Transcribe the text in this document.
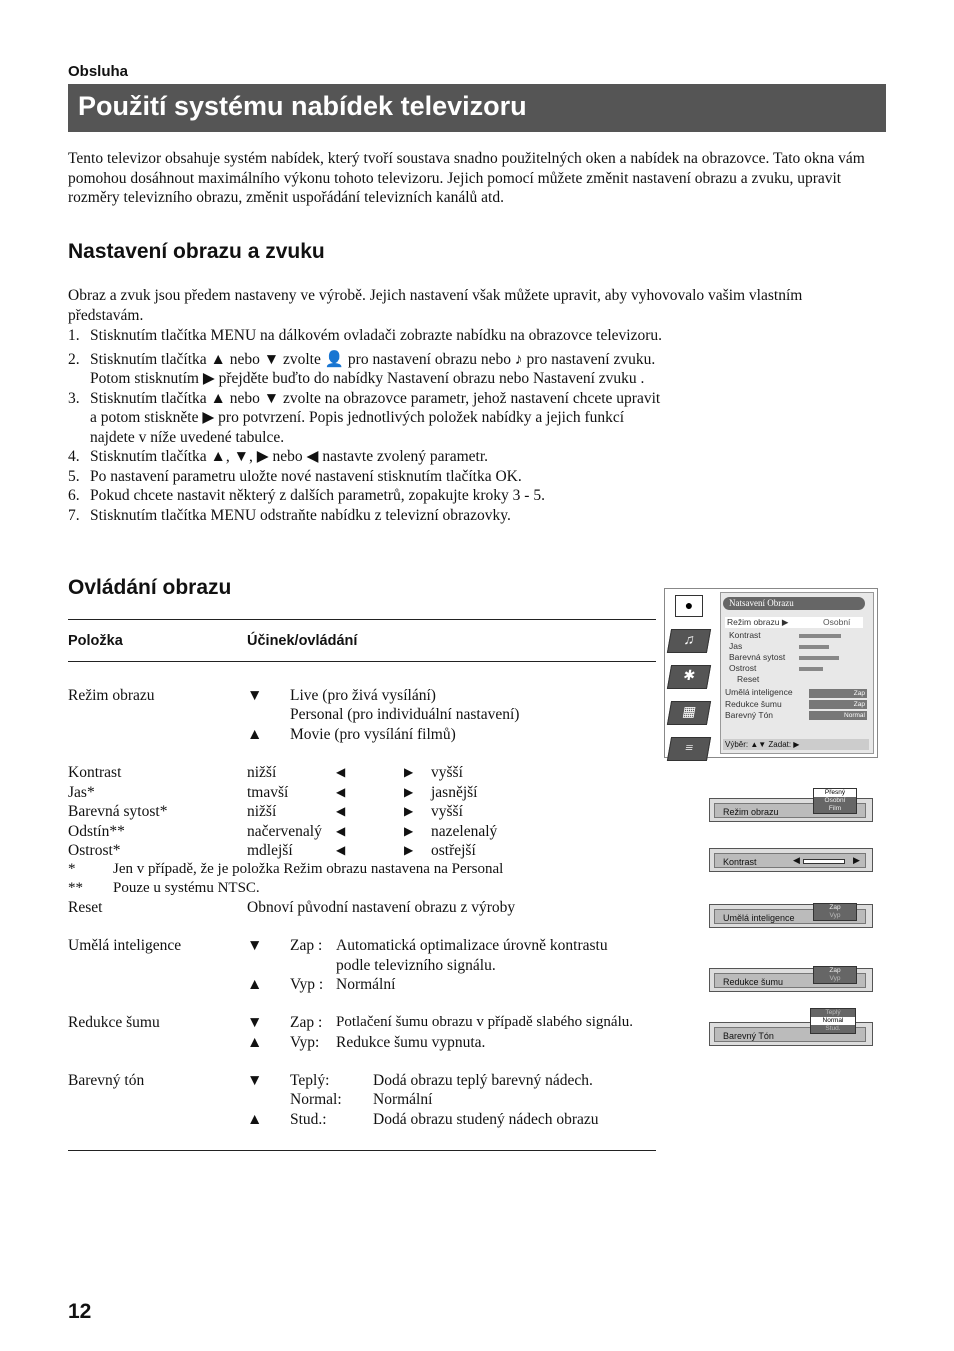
Obsluha
Použití systému nabídek televizoru
Tento televizor obsahuje systém nabídek, který tvoří soustava snadno použitelných oken a nabídek na obrazovce. Tato okna vám pomohou dosáhnout maximálního výkonu tohoto televizoru. Jejich pomocí můžete změnit nastavení obrazu a zvuku, upravit rozměry televizního obrazu, změnit uspořádání televizních kanálů atd.
Nastavení obrazu a zvuku
Obraz a zvuk jsou předem nastaveny ve výrobě. Jejich nastavení však můžete upravit, aby vyhovovalo vašim vlastním představám.
1. Stisknutím tlačítka MENU na dálkovém ovladači zobrazte nabídku na obrazovce televizoru.
2. Stisknutím tlačítka ▲ nebo ▼ zvolte 👤 pro nastavení obrazu nebo ♪ pro nastavení zvuku. Potom stisknutím ▶ přejděte buďto do nabídky Nastavení obrazu nebo Nastavení zvuku .
3. Stisknutím tlačítka ▲ nebo ▼ zvolte na obrazovce parametr, jehož nastavení chcete upravit a potom stiskněte ▶ pro potvrzení. Popis jednotlivých položek nabídky a jejich funkcí najdete v níže uvedené tabulce.
4. Stisknutím tlačítka ▲, ▼, ▶ nebo ◀ nastavte zvolený parametr.
5. Po nastavení parametru uložte nové nastavení stisknutím tlačítka OK.
6. Pokud chcete nastavit některý z dalších parametrů, zopakujte kroky 3 - 5.
7. Stisknutím tlačítka MENU odstraňte nabídku z televizní obrazovky.
Ovládání obrazu
Položka	Účinek/ovládání
Režim obrazu	▼ Live (pro živá vysílání)
Personal (pro individuální nastavení)
▲ Movie (pro vysílání filmů)
Kontrast	nižší	◀	▶ vyšší
Jas*	tmavší	◀	▶ jasnější
Barevná sytost*	nižší	◀	▶ vyšší
Odstín**	načervenalý ◀	▶ nazelenalý
Ostrost*	mdlejší	◀	▶ ostřejší
*	Jen v případě, že je položka Režim obrazu nastavena na Personal
** Pouze u systému NTSC.
Reset	Obnoví původní nastavení obrazu z výroby
Umělá inteligence	▼ Zap : Automatická optimalizace úrovně kontrastu
podle televizního signálu.
▲ Vyp : Normální
Redukce šumu	▼ Zap : Potlačení šumu obrazu v případě slabého signálu.
▲ Vyp: Redukce šumu vypnuta.
Barevný tón	▼ Teplý:	Dodá obrazu teplý barevný nádech.
Normal: Normální
▲ Stud.:	Dodá obrazu studený nádech obrazu
●
♫
✱
▦
≡
Natsavení Obrazu
Režim obrazu ▶	Osobní
Kontrast
Jas
Barevná sytost
Ostrost
Reset
Umělá inteligence	Zap
Redukce šumu	Zap
Barevný Tón	Normal
Výběr: ▲▼ Zadat: ▶
Režim obrazu
Přesný
Osobní
Film
Kontrast	◀	▶
Umělá inteligence
Zap
Vyp
Redukce šumu
Zap
Vyp
Barevný Tón
Teplý
Normal
Stud.
12
